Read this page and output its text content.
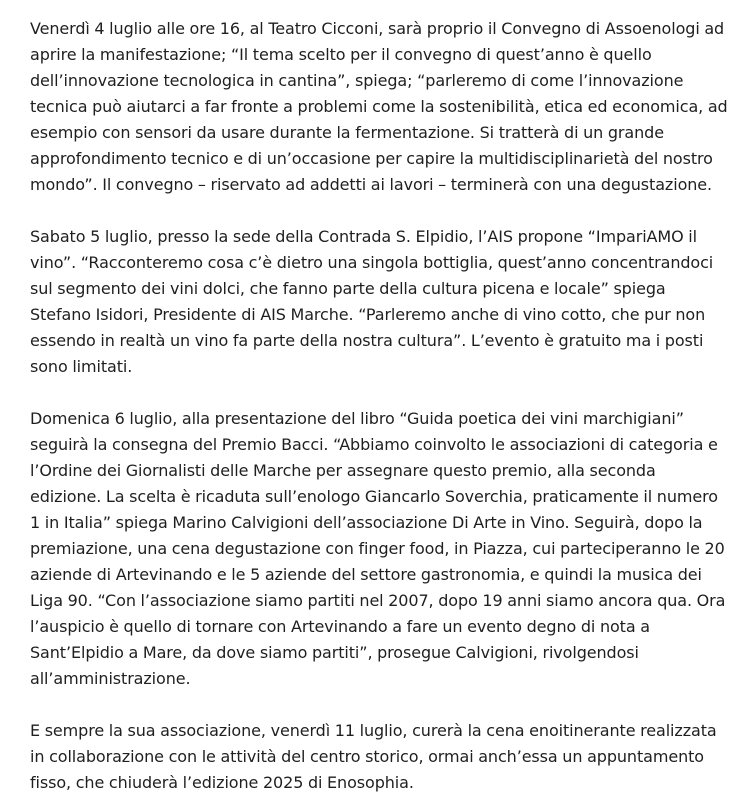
Venerdì 4 luglio alle ore 16, al Teatro Cicconi, sarà proprio il Convegno di Assoenologi ad aprire la manifestazione; “Il tema scelto per il convegno di quest’anno è quello dell’innovazione tecnologica in cantina”, spiega; “parleremo di come l’innovazione tecnica può aiutarci a far fronte a problemi come la sostenibilità, etica ed economica, ad esempio con sensori da usare durante la fermentazione. Si tratterà di un grande approfondimento tecnico e di un’occasione per capire la multidisciplinarietà del nostro mondo”. Il convegno – riservato ad addetti ai lavori – terminerà con una degustazione.

Sabato 5 luglio, presso la sede della Contrada S. Elpidio, l’AIS propone “ImpariAMO il vino”. “Racconteremo cosa c’è dietro una singola bottiglia, quest’anno concentrandoci sul segmento dei vini dolci, che fanno parte della cultura picena e locale” spiega Stefano Isidori, Presidente di AIS Marche. “Parleremo anche di vino cotto, che pur non essendo in realtà un vino fa parte della nostra cultura”. L’evento è gratuito ma i posti sono limitati.

Domenica 6 luglio, alla presentazione del libro “Guida poetica dei vini marchigiani” seguirà la consegna del Premio Bacci. “Abbiamo coinvolto le associazioni di categoria e l’Ordine dei Giornalisti delle Marche per assegnare questo premio, alla seconda edizione. La scelta è ricaduta sull’enologo Giancarlo Soverchia, praticamente il numero 1 in Italia” spiega Marino Calvigioni dell’associazione Di Arte in Vino. Seguirà, dopo la premiazione, una cena degustazione con finger food, in Piazza, cui parteciperanno le 20 aziende di Artevinando e le 5 aziende del settore gastronomia, e quindi la musica dei Liga 90. “Con l’associazione siamo partiti nel 2007, dopo 19 anni siamo ancora qua. Ora l’auspicio è quello di tornare con Artevinando a fare un evento degno di nota a Sant’Elpidio a Mare, da dove siamo partiti”, prosegue Calvigioni, rivolgendosi all’amministrazione.

E sempre la sua associazione, venerdì 11 luglio, curerà la cena enoitinerante realizzata in collaborazione con le attività del centro storico, ormai anch’essa un appuntamento fisso, che chiuderà l’edizione 2025 di Enosophia.
